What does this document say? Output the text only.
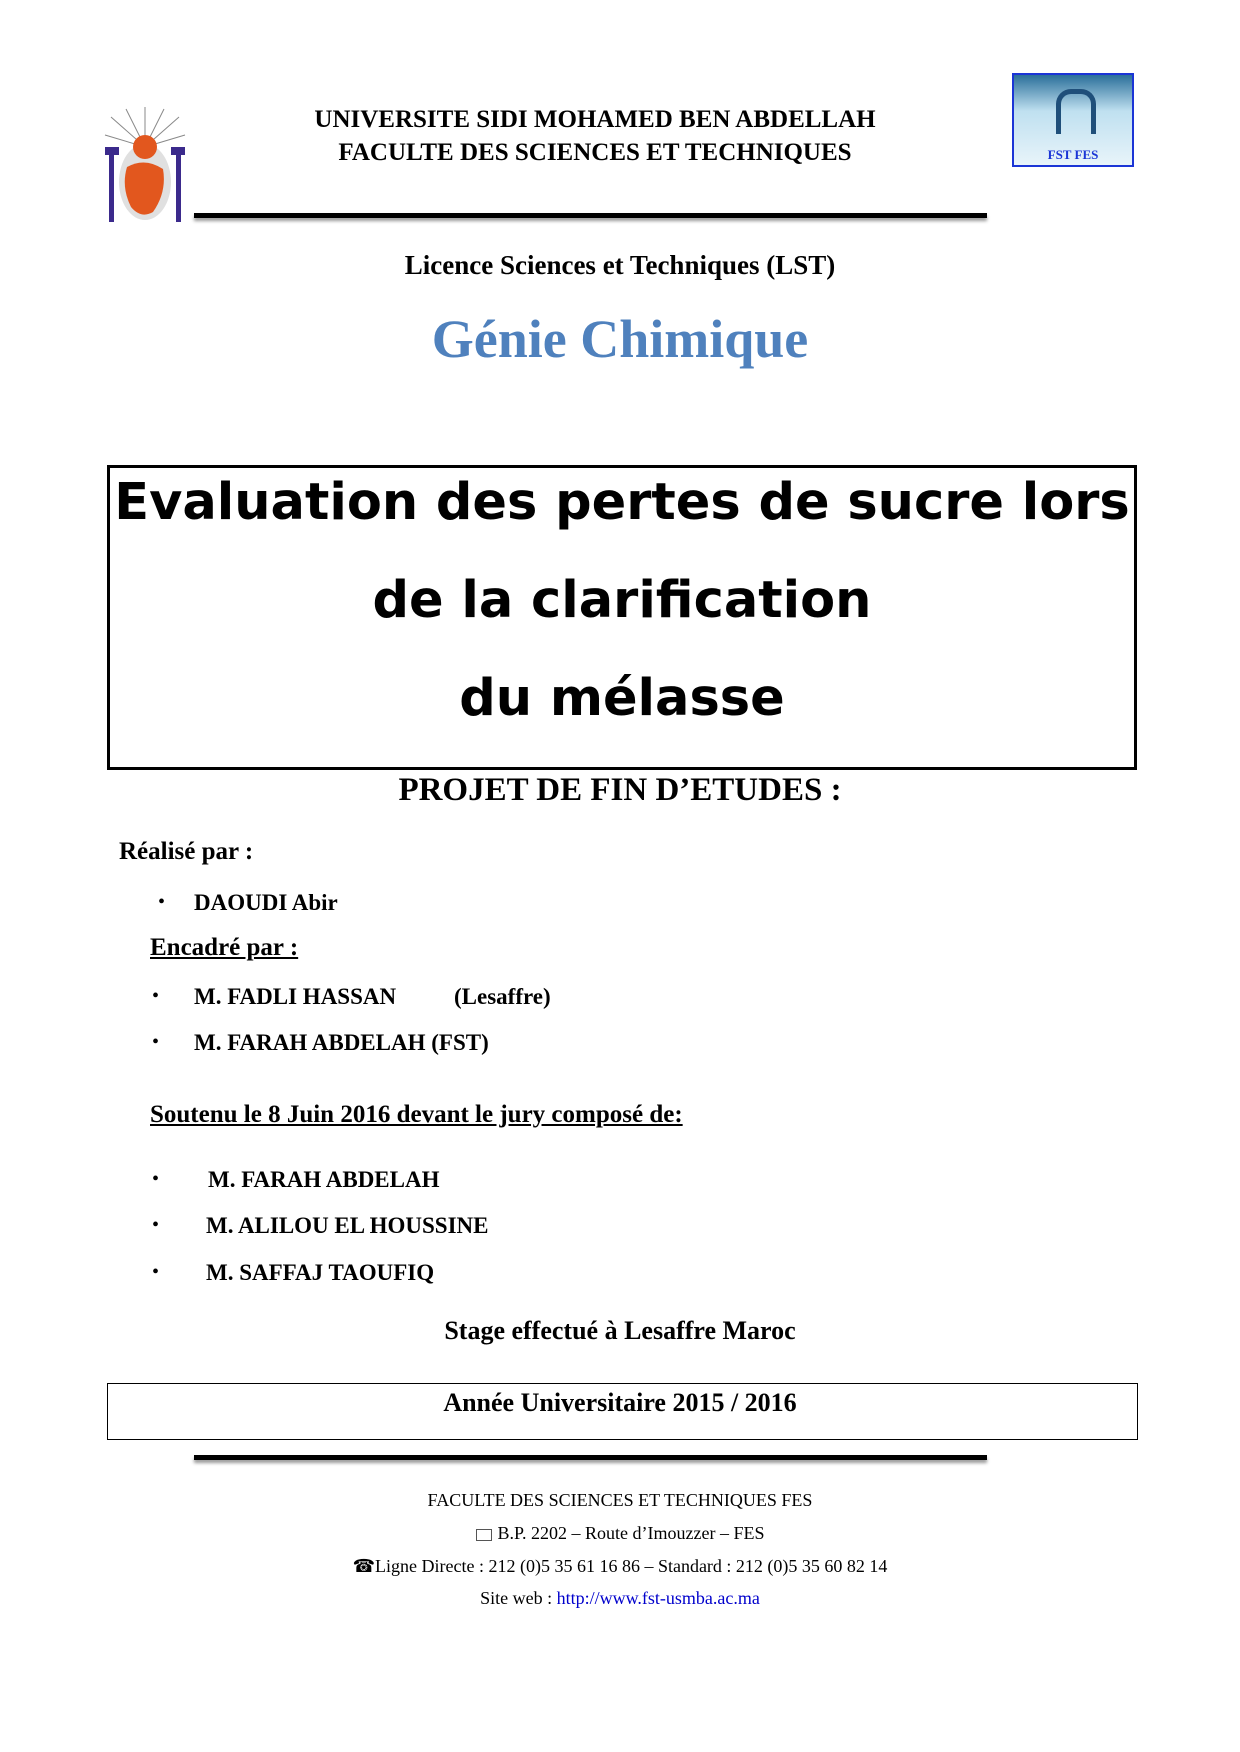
UNIVERSITE SIDI MOHAMED BEN ABDELLAH
FACULTE DES SCIENCES ET TECHNIQUES	FST FES
Licence Sciences et Techniques (LST)
Génie Chimique
Evaluation des pertes de sucre lors
de la clarification
du mélasse
PROJET DE FIN D’ETUDES :
Réalisé par :
• DAOUDI Abir
Encadré par :
• M. FADLI HASSAN	(Lesaffre)
• M. FARAH ABDELAH (FST)
Soutenu le 8 Juin 2016 devant le jury composé de:
• M. FARAH ABDELAH
• M. ALILOU EL HOUSSINE
• M. SAFFAJ TAOUFIQ
Stage effectué à Lesaffre Maroc
Année Universitaire 2015 / 2016
FACULTE DES SCIENCES ET TECHNIQUES FES
B.P. 2202 – Route d’Imouzzer – FES
☎Ligne Directe : 212 (0)5 35 61 16 86 – Standard : 212 (0)5 35 60 82 14
Site web : http://www.fst-usmba.ac.ma
